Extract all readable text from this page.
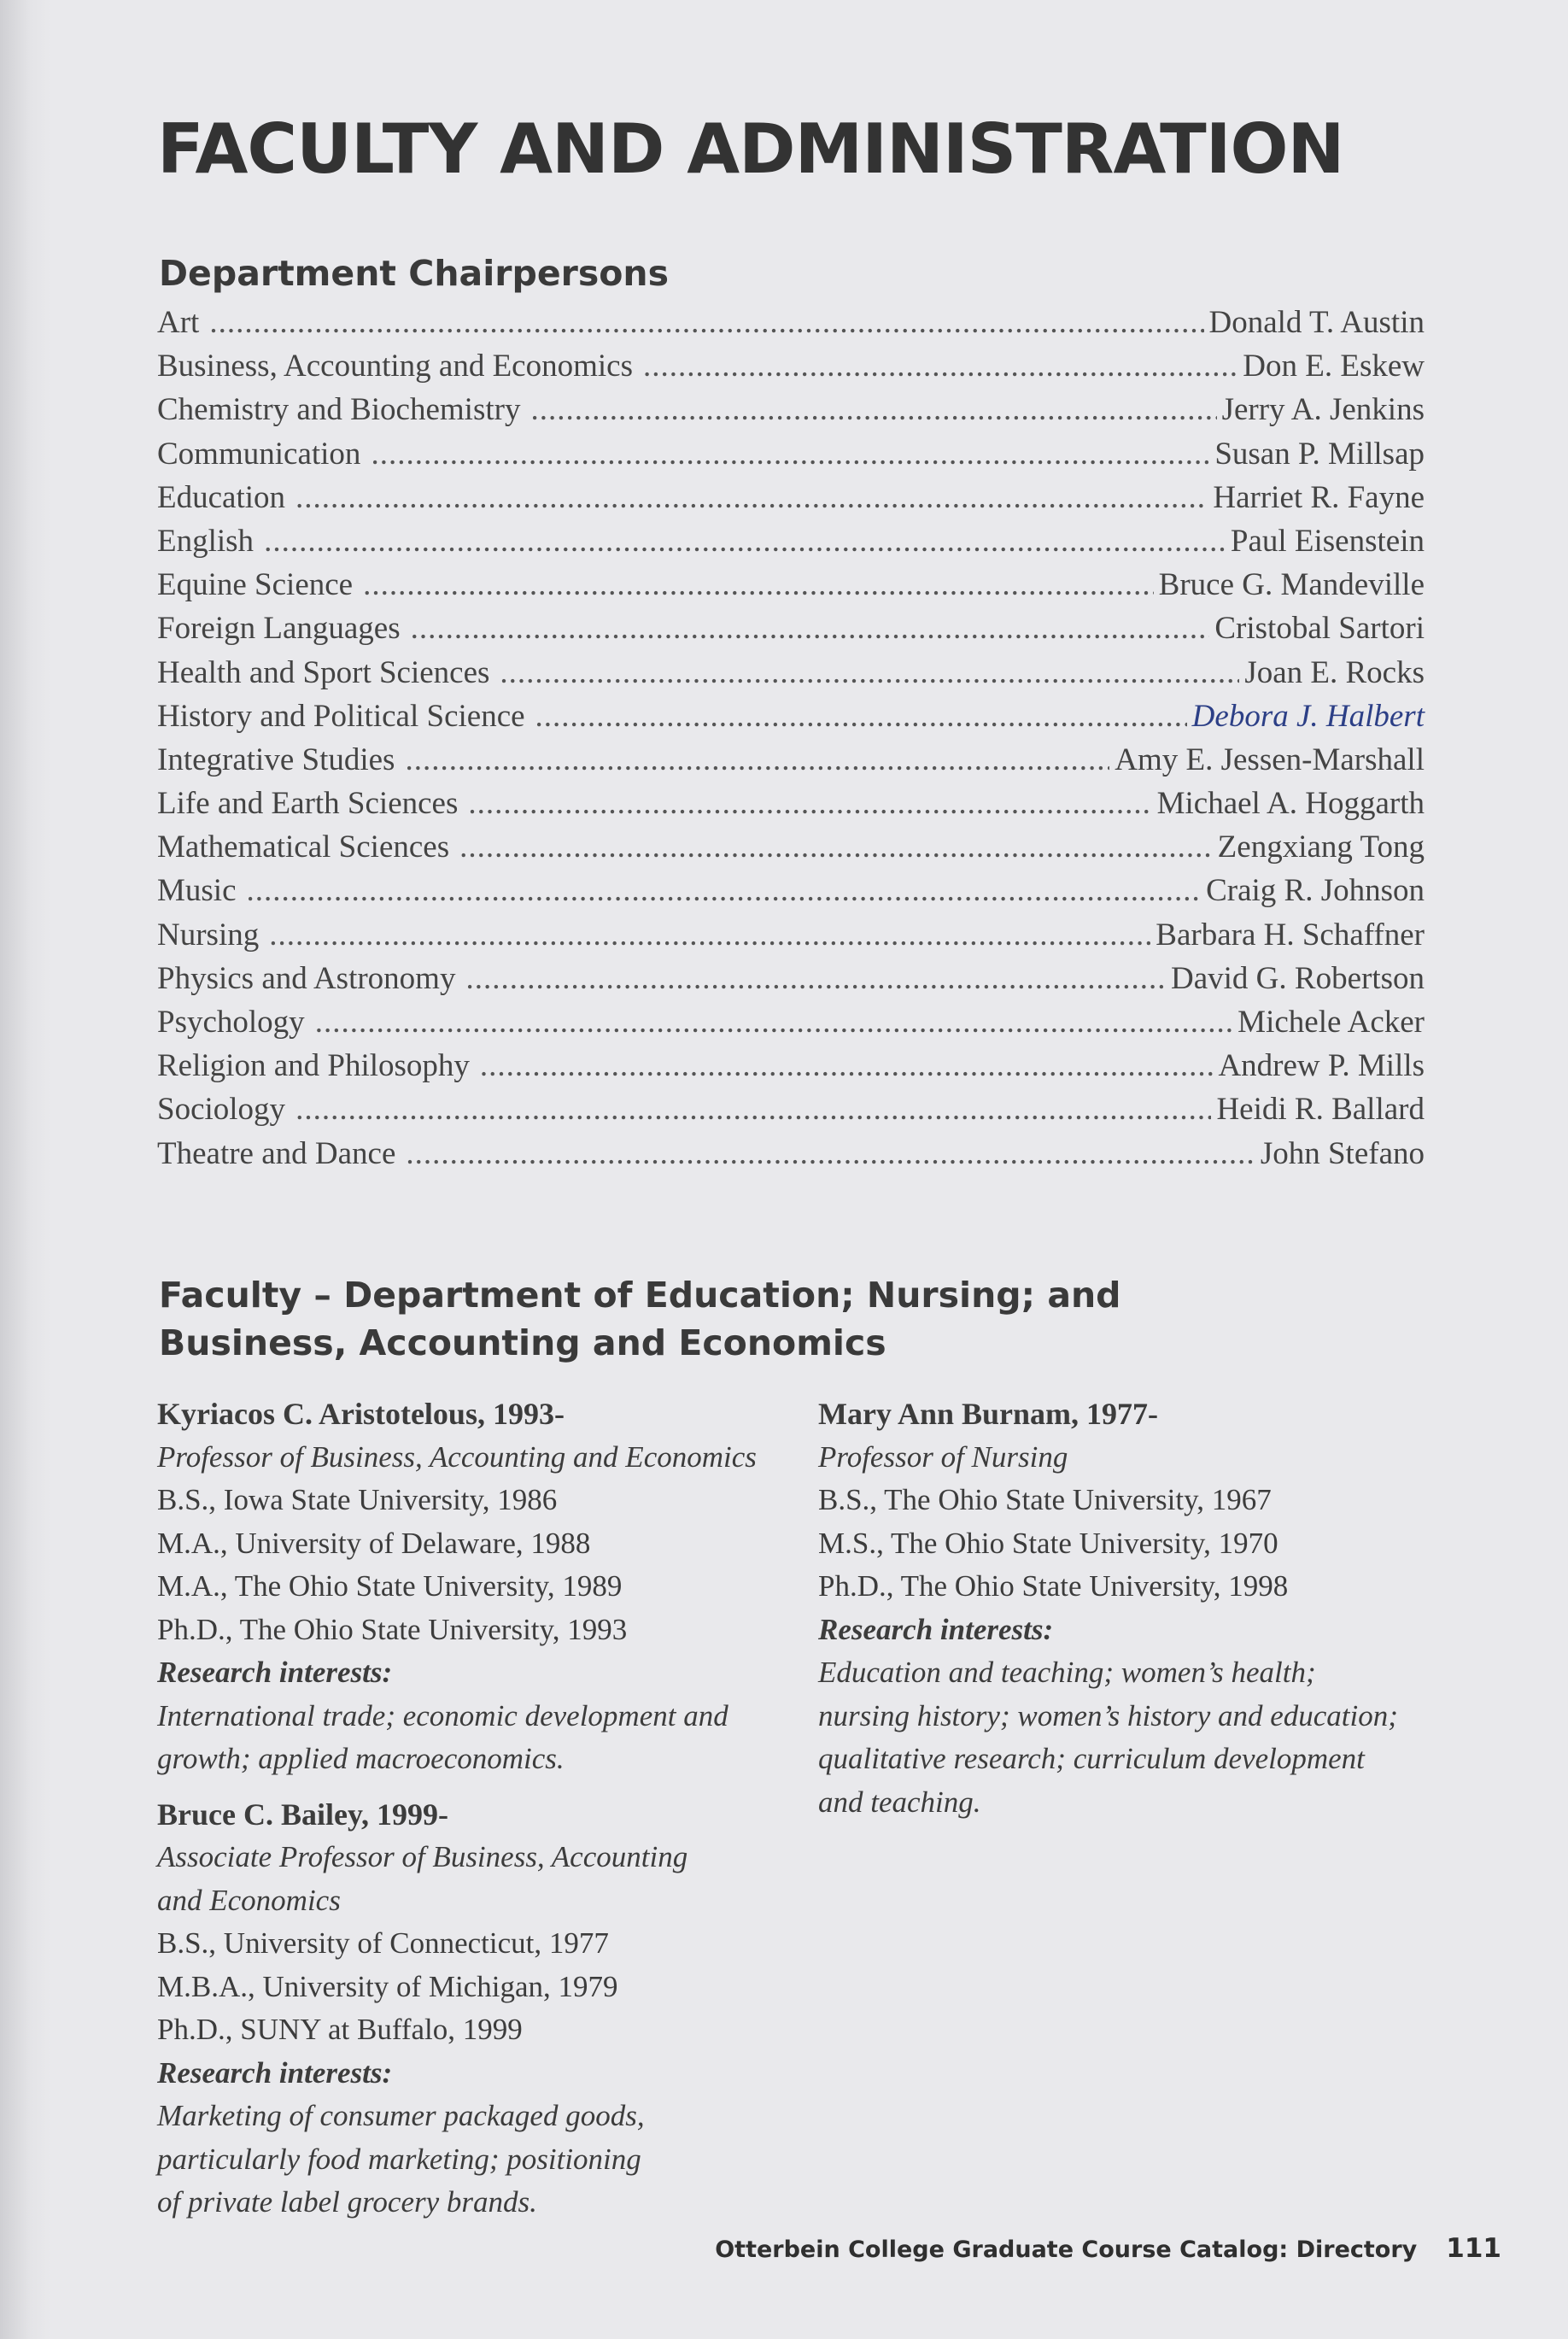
FACULTY AND ADMINISTRATION
Department Chairpersons
Art .....	Donald T. Austin
Business, Accounting and Economics .....	Don E. Eskew
Chemistry and Biochemistry .....	Jerry A. Jenkins
Communication .....	Susan P. Millsap
Education .....	Harriet R. Fayne
English .....	Paul Eisenstein
Equine Science .....	Bruce G. Mandeville
Foreign Languages .....	Cristobal Sartori
Health and Sport Sciences .....	Joan E. Rocks
History and Political Science .....	Debora J. Halbert
Integrative Studies .....	Amy E. Jessen-Marshall
Life and Earth Sciences .....	Michael A. Hoggarth
Mathematical Sciences .....	Zengxiang Tong
Music .....	Craig R. Johnson
Nursing .....	Barbara H. Schaffner
Physics and Astronomy .....	David G. Robertson
Psychology .....	Michele Acker
Religion and Philosophy .....	Andrew P. Mills
Sociology .....	Heidi R. Ballard
Theatre and Dance .....	John Stefano
Faculty – Department of Education; Nursing; and
Business, Accounting and Economics
Kyriacos C. Aristotelous, 1993-
Professor of Business, Accounting and Economics
B.S., Iowa State University, 1986
M.A., University of Delaware, 1988
M.A., The Ohio State University, 1989
Ph.D., The Ohio State University, 1993
Research interests:
International trade; economic development and
growth; applied macroeconomics.
Bruce C. Bailey, 1999-
Associate Professor of Business, Accounting
and Economics
B.S., University of Connecticut, 1977
M.B.A., University of Michigan, 1979
Ph.D., SUNY at Buffalo, 1999
Research interests:
Marketing of consumer packaged goods,
particularly food marketing; positioning
of private label grocery brands.
Mary Ann Burnam, 1977-
Professor of Nursing
B.S., The Ohio State University, 1967
M.S., The Ohio State University, 1970
Ph.D., The Ohio State University, 1998
Research interests:
Education and teaching; women’s health;
nursing history; women’s history and education;
qualitative research; curriculum development
and teaching.
Otterbein College Graduate Course Catalog: Directory 111
